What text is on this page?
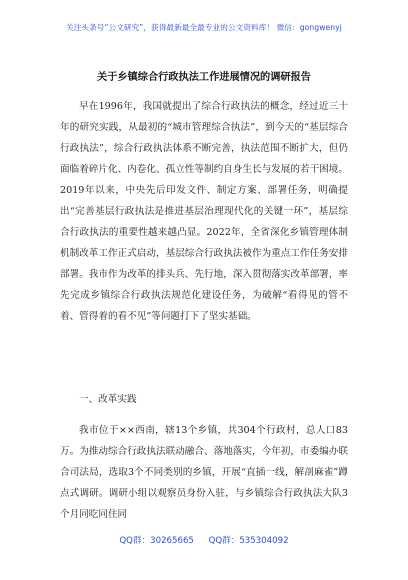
关注头条号“公文研究”，获得最新最全最专业的公文资料库！ 微信：gongwenyj
关于乡镇综合行政执法工作进展情况的调研报告
早在1996年，我国就提出了综合行政执法的概念，经过近三十年的研究实践，从最初的“城市管理综合执法”，到今天的“基层综合行政执法”，综合行政执法体系不断完善，执法范围不断扩大，但仍面临着碎片化、内卷化、孤立性等制约自身生长与发展的若干困境。2019年以来，中央先后印发文件、制定方案、部署任务，明确提出“完善基层行政执法是推进基层治理现代化的关键一环”，基层综合行政执法的重要性越来越凸显。2022年，全省深化乡镇管理体制机制改革工作正式启动，基层综合行政执法被作为重点工作任务安排部署。我市作为改革的排头兵、先行地，深入贯彻落实改革部署，率先完成乡镇综合行政执法规范化建设任务，为破解“看得见的管不着、管得着的看不见”等问题打下了坚实基础。
一、改革实践
我市位于××西南，辖13个乡镇，共304个行政村，总人口83万。为推动综合行政执法联动融合、落地落实，今年初，市委编办联合司法局，选取3个不同类别的乡镇，开展“直插一线，解剖麻雀”蹲点式调研。调研小组以观察员身份入驻，与乡镇综合行政执法大队3个月同吃同住同
QQ群：30265665 QQ群：535304092
